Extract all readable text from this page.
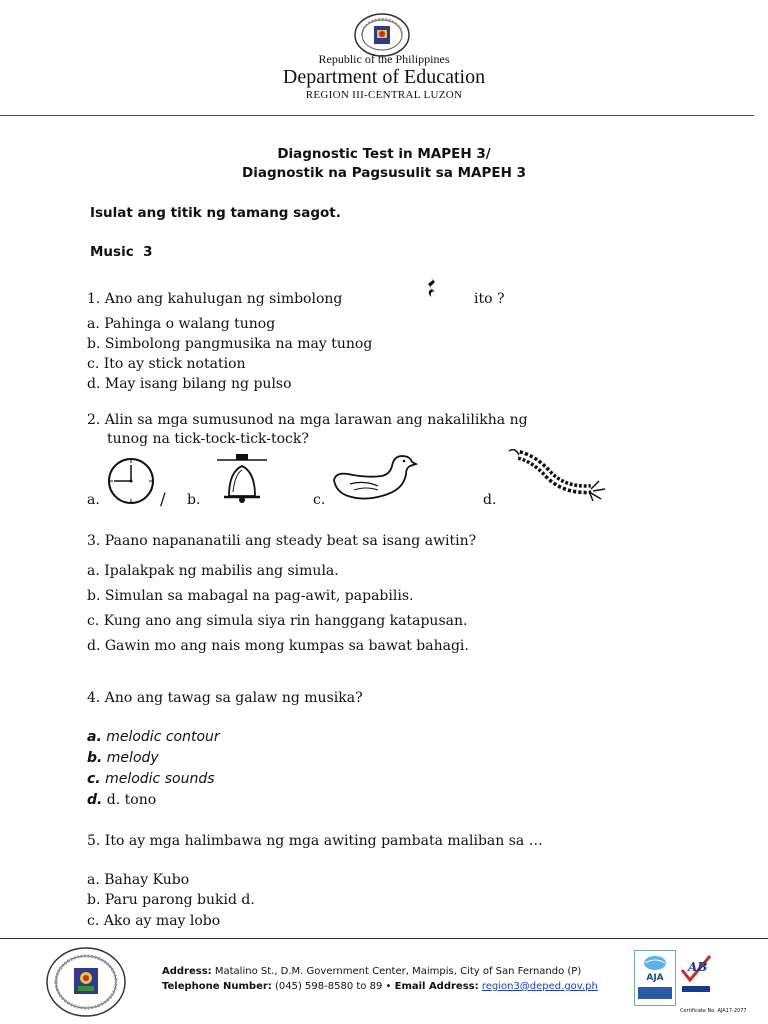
Republic of the Philippines
Department of Education
REGION III-CENTRAL LUZON
Diagnostic Test in MAPEH 3/
Diagnostik na Pagsusulit sa MAPEH 3
Isulat ang titik ng tamang sagot.
Music  3
1. Ano ang kahulugan ng simbolong	ito ?
a. Pahinga o walang tunog
b. Simbolong pangmusika na may tunog
c. Ito ay stick notation
d. May isang bilang ng pulso
2. Alin sa mga sumusunod na mga larawan ang nakalilikha ng
tunog na tick-tock-tick-tock?
a.	/ b.	c.	d.
3. Paano napananatili ang steady beat sa isang awitin?
a. Ipalakpak ng mabilis ang simula.
b. Simulan sa mabagal na pag-awit, papabilis.
c. Kung ano ang simula siya rin hanggang katapusan.
d. Gawin mo ang nais mong kumpas sa bawat bahagi.
4. Ano ang tawag sa galaw ng musika?
a. melodic contour
b. melody
c. melodic sounds
d. d. tono
5. Ito ay mga halimbawa ng mga awiting pambata maliban sa …
a. Bahay Kubo
b. Paru parong bukid d.
c. Ako ay may lobo
Address: Matalino St., D.M. Government Center, Maimpis, City of San Fernando (P)
Telephone Number: (045) 598-8580 to 89 • Email Address: region3@deped.gov.ph
AJA
AB
Certificate No. AJA17-2077
